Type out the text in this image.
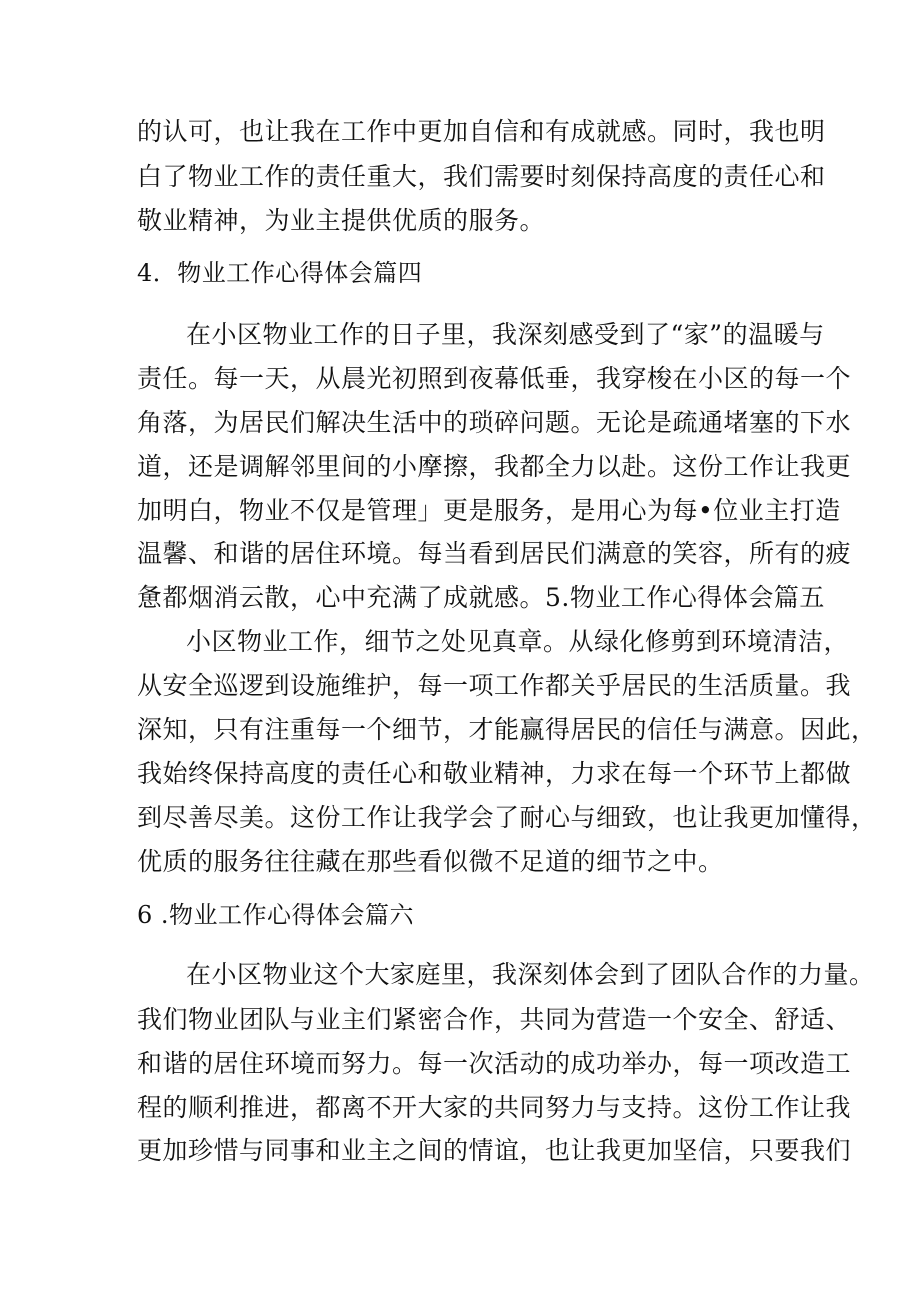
的认可，也让我在工作中更加自信和有成就感。同时，我也明
白了物业工作的责任重大，我们需要时刻保持高度的责任心和
敬业精神，为业主提供优质的服务。
4．物业工作心得体会篇四
在小区物业工作的日子里，我深刻感受到了“家”的温暖与
责任。每一天，从晨光初照到夜幕低垂，我穿梭在小区的每一个
角落，为居民们解决生活中的琐碎问题。无论是疏通堵塞的下水
道，还是调解邻里间的小摩擦，我都全力以赴。这份工作让我更
加明白，物业不仅是管理」更是服务，是用心为每•位业主打造
温馨、和谐的居住环境。每当看到居民们满意的笑容，所有的疲
惫都烟消云散，心中充满了成就感。5.物业工作心得体会篇五
小区物业工作，细节之处见真章。从绿化修剪到环境清洁，
从安全巡逻到设施维护，每一项工作都关乎居民的生活质量。我
深知，只有注重每一个细节，才能赢得居民的信任与满意。因此，
我始终保持高度的责任心和敬业精神，力求在每一个环节上都做
到尽善尽美。这份工作让我学会了耐心与细致，也让我更加懂得，
优质的服务往往藏在那些看似微不足道的细节之中。
6 .物业工作心得体会篇六
在小区物业这个大家庭里，我深刻体会到了团队合作的力量。
我们物业团队与业主们紧密合作，共同为营造一个安全、舒适、
和谐的居住环境而努力。每一次活动的成功举办，每一项改造工
程的顺利推进，都离不开大家的共同努力与支持。这份工作让我
更加珍惜与同事和业主之间的情谊，也让我更加坚信，只要我们
